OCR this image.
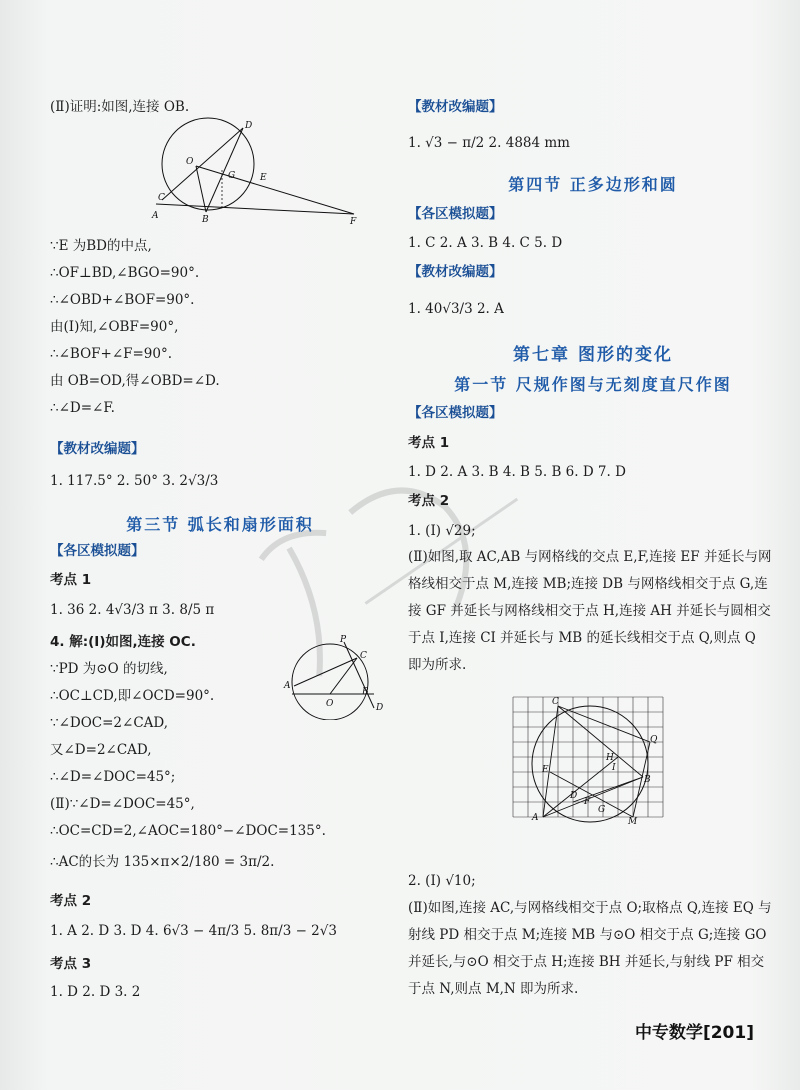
(Ⅱ)证明:如图,连接 OB.
A	B
C
D
E
F
G
O
∵E 为BD的中点,
∴OF⊥BD,∠BGO=90°.
∴∠OBD+∠BOF=90°.
由(Ⅰ)知,∠OBF=90°,
∴∠BOF+∠F=90°.
由 OB=OD,得∠OBD=∠D.
∴∠D=∠F.
【教材改编题】
1. 117.5° 2. 50° 3. 2√3/3
第三节 弧长和扇形面积
【各区模拟题】
考点 1
1. 36 2. 4√3/3 π 3. 8/5 π
4. 解:(Ⅰ)如图,连接 OC.
∵PD 为⊙O 的切线,
∴OC⊥CD,即∠OCD=90°.
∵∠DOC=2∠CAD,
又∠D=2∠CAD,
∴∠D=∠DOC=45°;
(Ⅱ)∵∠D=∠DOC=45°,
∴OC=CD=2,∠AOC=180°−∠DOC=135°.
∴AC的长为 135×π×2/180 = 3π/2.
P
C
A
O	D
B
考点 2
1. A 2. D 3. D 4. 6√3 − 4π/3 5. 8π/3 − 2√3
考点 3
1. D 2. D 3. 2
【教材改编题】
1. √3 − π/2 2. 4884 mm
第四节 正多边形和圆
【各区模拟题】
1. C 2. A 3. B 4. C 5. D
【教材改编题】
1. 40√3/3 2. A
第七章 图形的变化
第一节 尺规作图与无刻度直尺作图
【各区模拟题】
考点 1
1. D 2. A 3. B 4. B 5. B 6. D 7. D
考点 2
1. (Ⅰ) √29;
(Ⅱ)如图,取 AC,AB 与网格线的交点 E,F,连接 EF 并延长与网格线相交于点 M,连接 MB;连接 DB 与网格线相交于点 G,连接 GF 并延长与网格线相交于点 H,连接 AH 并延长与圆相交于点 I,连接 CI 并延长与 MB 的延长线相交于点 Q,则点 Q 即为所求.
C
A
B
E
F
G
H
I
M
Q
D
2. (Ⅰ) √10;
(Ⅱ)如图,连接 AC,与网格线相交于点 O;取格点 Q,连接 EQ 与射线 PD 相交于点 M;连接 MB 与⊙O 相交于点 G;连接 GO 并延长,与⊙O 相交于点 H;连接 BH 并延长,与射线 PF 相交于点 N,则点 M,N 即为所求.
中专数学[201]
